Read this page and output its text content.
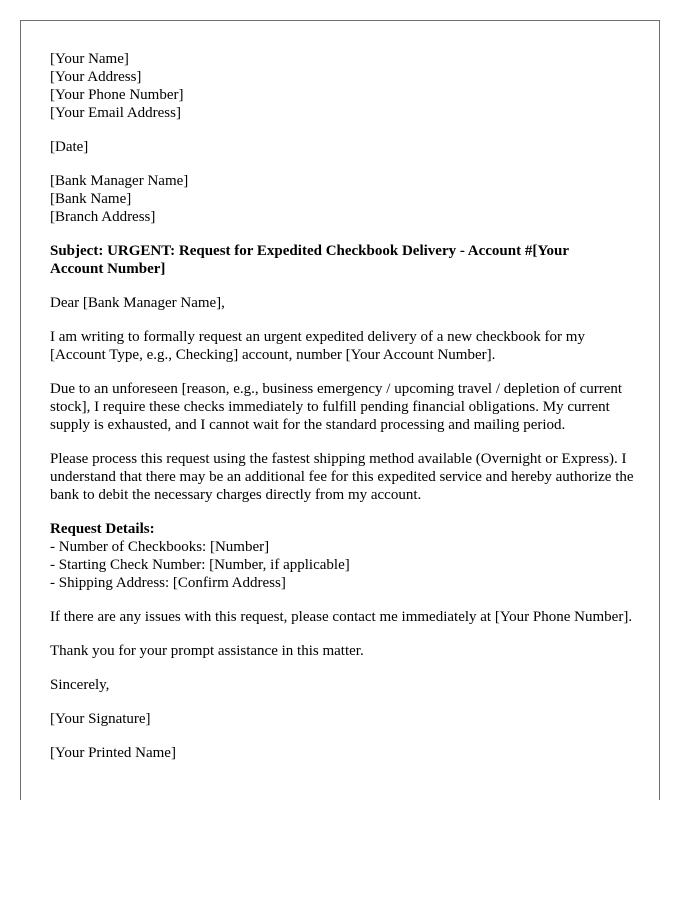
[Your Name]
[Your Address]
[Your Phone Number]
[Your Email Address]
[Date]
[Bank Manager Name]
[Bank Name]
[Branch Address]
Subject: URGENT: Request for Expedited Checkbook Delivery - Account #[Your
Account Number]
Dear [Bank Manager Name],
I am writing to formally request an urgent expedited delivery of a new checkbook for my [Account Type, e.g., Checking] account, number [Your Account Number].
Due to an unforeseen [reason, e.g., business emergency / upcoming travel / depletion of current stock], I require these checks immediately to fulfill pending financial obligations. My current supply is exhausted, and I cannot wait for the standard processing and mailing period.
Please process this request using the fastest shipping method available (Overnight or Express). I understand that there may be an additional fee for this expedited service and hereby authorize the bank to debit the necessary charges directly from my account.
Request Details:
- Number of Checkbooks: [Number]
- Starting Check Number: [Number, if applicable]
- Shipping Address: [Confirm Address]
If there are any issues with this request, please contact me immediately at [Your Phone Number].
Thank you for your prompt assistance in this matter.
Sincerely,
[Your Signature]
[Your Printed Name]
